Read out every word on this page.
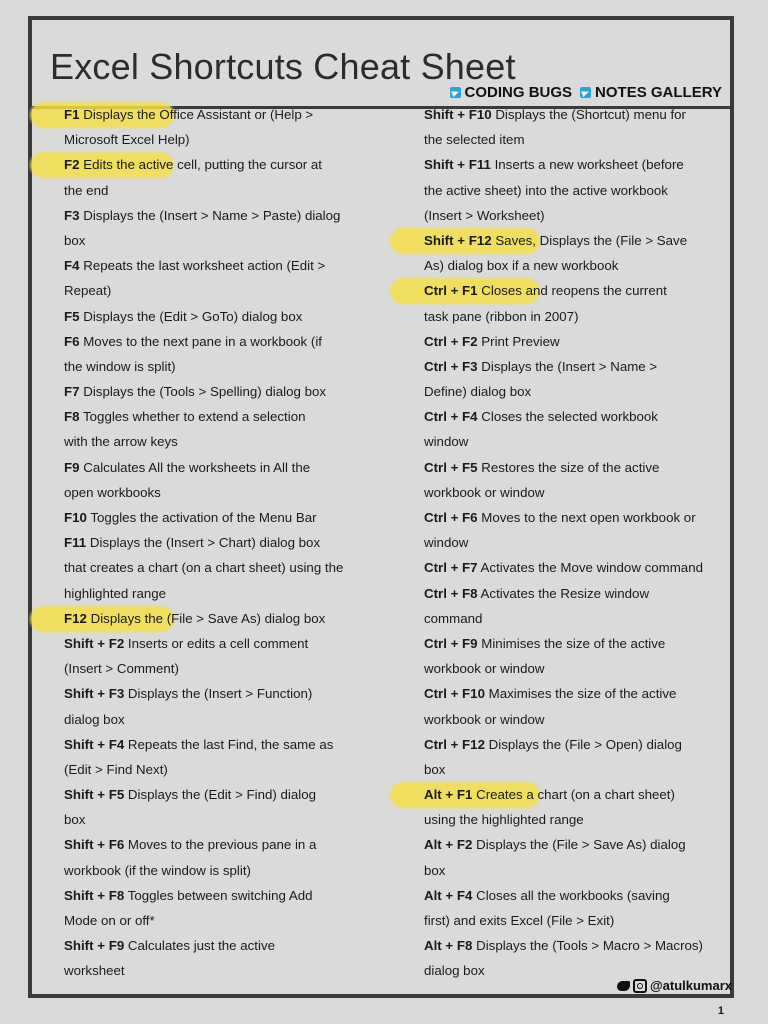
Excel Shortcuts Cheat Sheet
CODING BUGS NOTES GALLERY
F1 Displays the Office Assistant or (Help >
Microsoft Excel Help)
F2 Edits the active cell, putting the cursor at
the end
F3 Displays the (Insert > Name > Paste) dialog
box
F4 Repeats the last worksheet action (Edit >
Repeat)
F5 Displays the (Edit > GoTo) dialog box
F6 Moves to the next pane in a workbook (if
the window is split)
F7 Displays the (Tools > Spelling) dialog box
F8 Toggles whether to extend a selection
with the arrow keys
F9 Calculates All the worksheets in All the
open workbooks
F10 Toggles the activation of the Menu Bar
F11 Displays the (Insert > Chart) dialog box
that creates a chart (on a chart sheet) using the
highlighted range
F12 Displays the (File > Save As) dialog box
Shift + F2 Inserts or edits a cell comment
(Insert > Comment)
Shift + F3 Displays the (Insert > Function)
dialog box
Shift + F4 Repeats the last Find, the same as
(Edit > Find Next)
Shift + F5 Displays the (Edit > Find) dialog
box
Shift + F6 Moves to the previous pane in a
workbook (if the window is split)
Shift + F8 Toggles between switching Add
Mode on or off*
Shift + F9 Calculates just the active
worksheet
Shift + F10 Displays the (Shortcut) menu for
the selected item
Shift + F11 Inserts a new worksheet (before
the active sheet) into the active workbook
(Insert > Worksheet)
Shift + F12 Saves, Displays the (File > Save
As) dialog box if a new workbook
Ctrl + F1 Closes and reopens the current
task pane (ribbon in 2007)
Ctrl + F2 Print Preview
Ctrl + F3 Displays the (Insert > Name >
Define) dialog box
Ctrl + F4 Closes the selected workbook
window
Ctrl + F5 Restores the size of the active
workbook or window
Ctrl + F6 Moves to the next open workbook or
window
Ctrl + F7 Activates the Move window command
Ctrl + F8 Activates the Resize window
command
Ctrl + F9 Minimises the size of the active
workbook or window
Ctrl + F10 Maximises the size of the active
workbook or window
Ctrl + F12 Displays the (File > Open) dialog
box
Alt + F1 Creates a chart (on a chart sheet)
using the highlighted range
Alt + F2 Displays the (File > Save As) dialog
box
Alt + F4 Closes all the workbooks (saving
first) and exits Excel (File > Exit)
Alt + F8 Displays the (Tools > Macro > Macros)
dialog box
@atulkumarx
1
